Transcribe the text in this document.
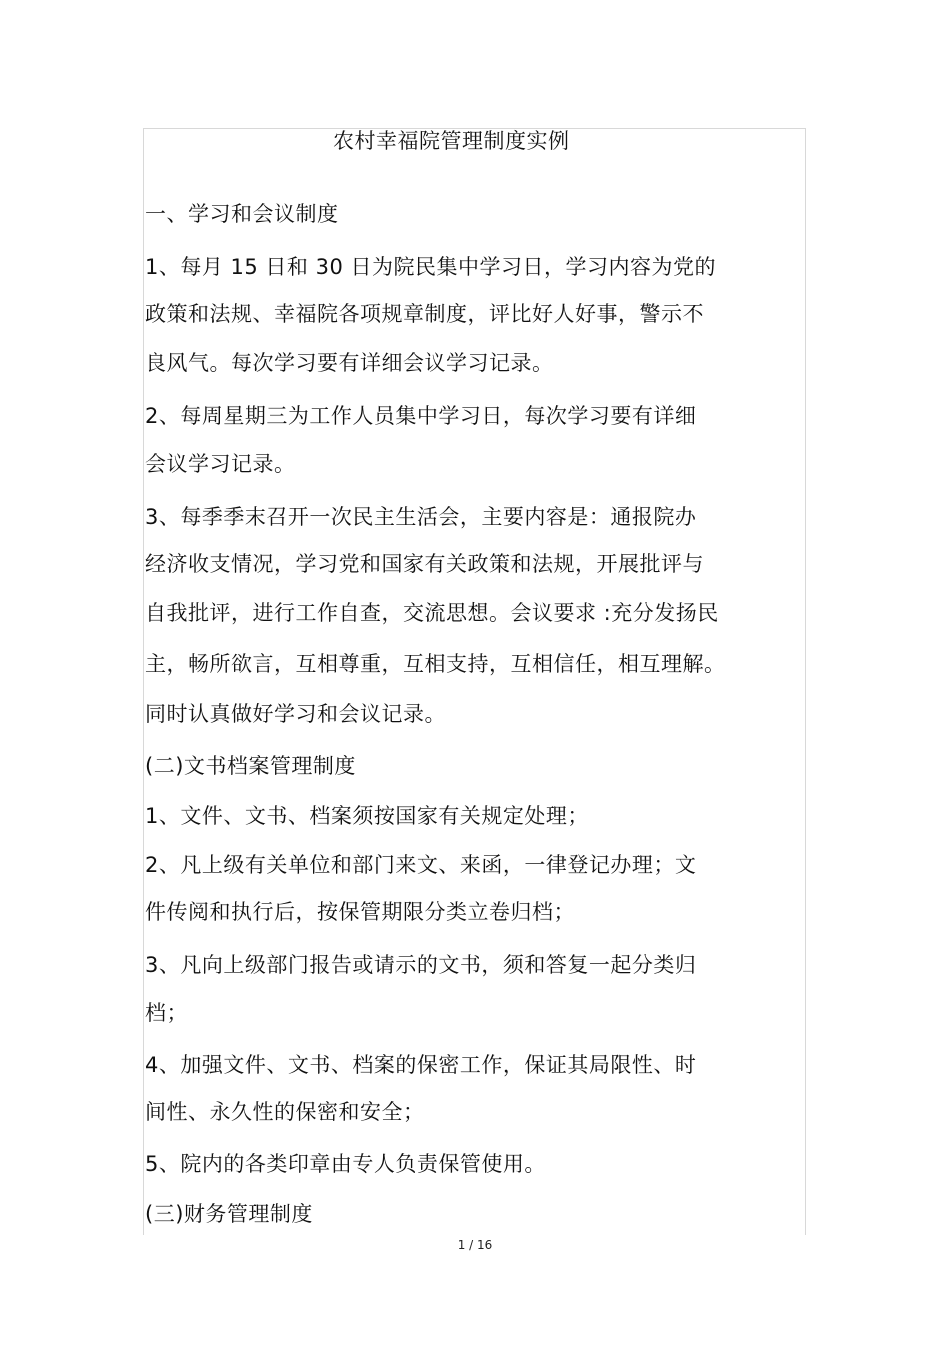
农村幸福院管理制度实例
一、学习和会议制度
1、每月 15 日和 30 日为院民集中学习日，学习内容为党的
政策和法规、幸福院各项规章制度，评比好人好事，警示不
良风气。每次学习要有详细会议学习记录。
2、每周星期三为工作人员集中学习日，每次学习要有详细
会议学习记录。
3、每季季末召开一次民主生活会，主要内容是：通报院办
经济收支情况，学习党和国家有关政策和法规，开展批评与
自我批评，进行工作自查，交流思想。会议要求 :充分发扬民
主，畅所欲言，互相尊重，互相支持，互相信任，相互理解。
同时认真做好学习和会议记录。
(二)文书档案管理制度
1、文件、文书、档案须按国家有关规定处理；
2、凡上级有关单位和部门来文、来函，一律登记办理；文
件传阅和执行后，按保管期限分类立卷归档；
3、凡向上级部门报告或请示的文书，须和答复一起分类归
档；
4、加强文件、文书、档案的保密工作，保证其局限性、时
间性、永久性的保密和安全；
5、院内的各类印章由专人负责保管使用。
(三)财务管理制度
1 / 16
